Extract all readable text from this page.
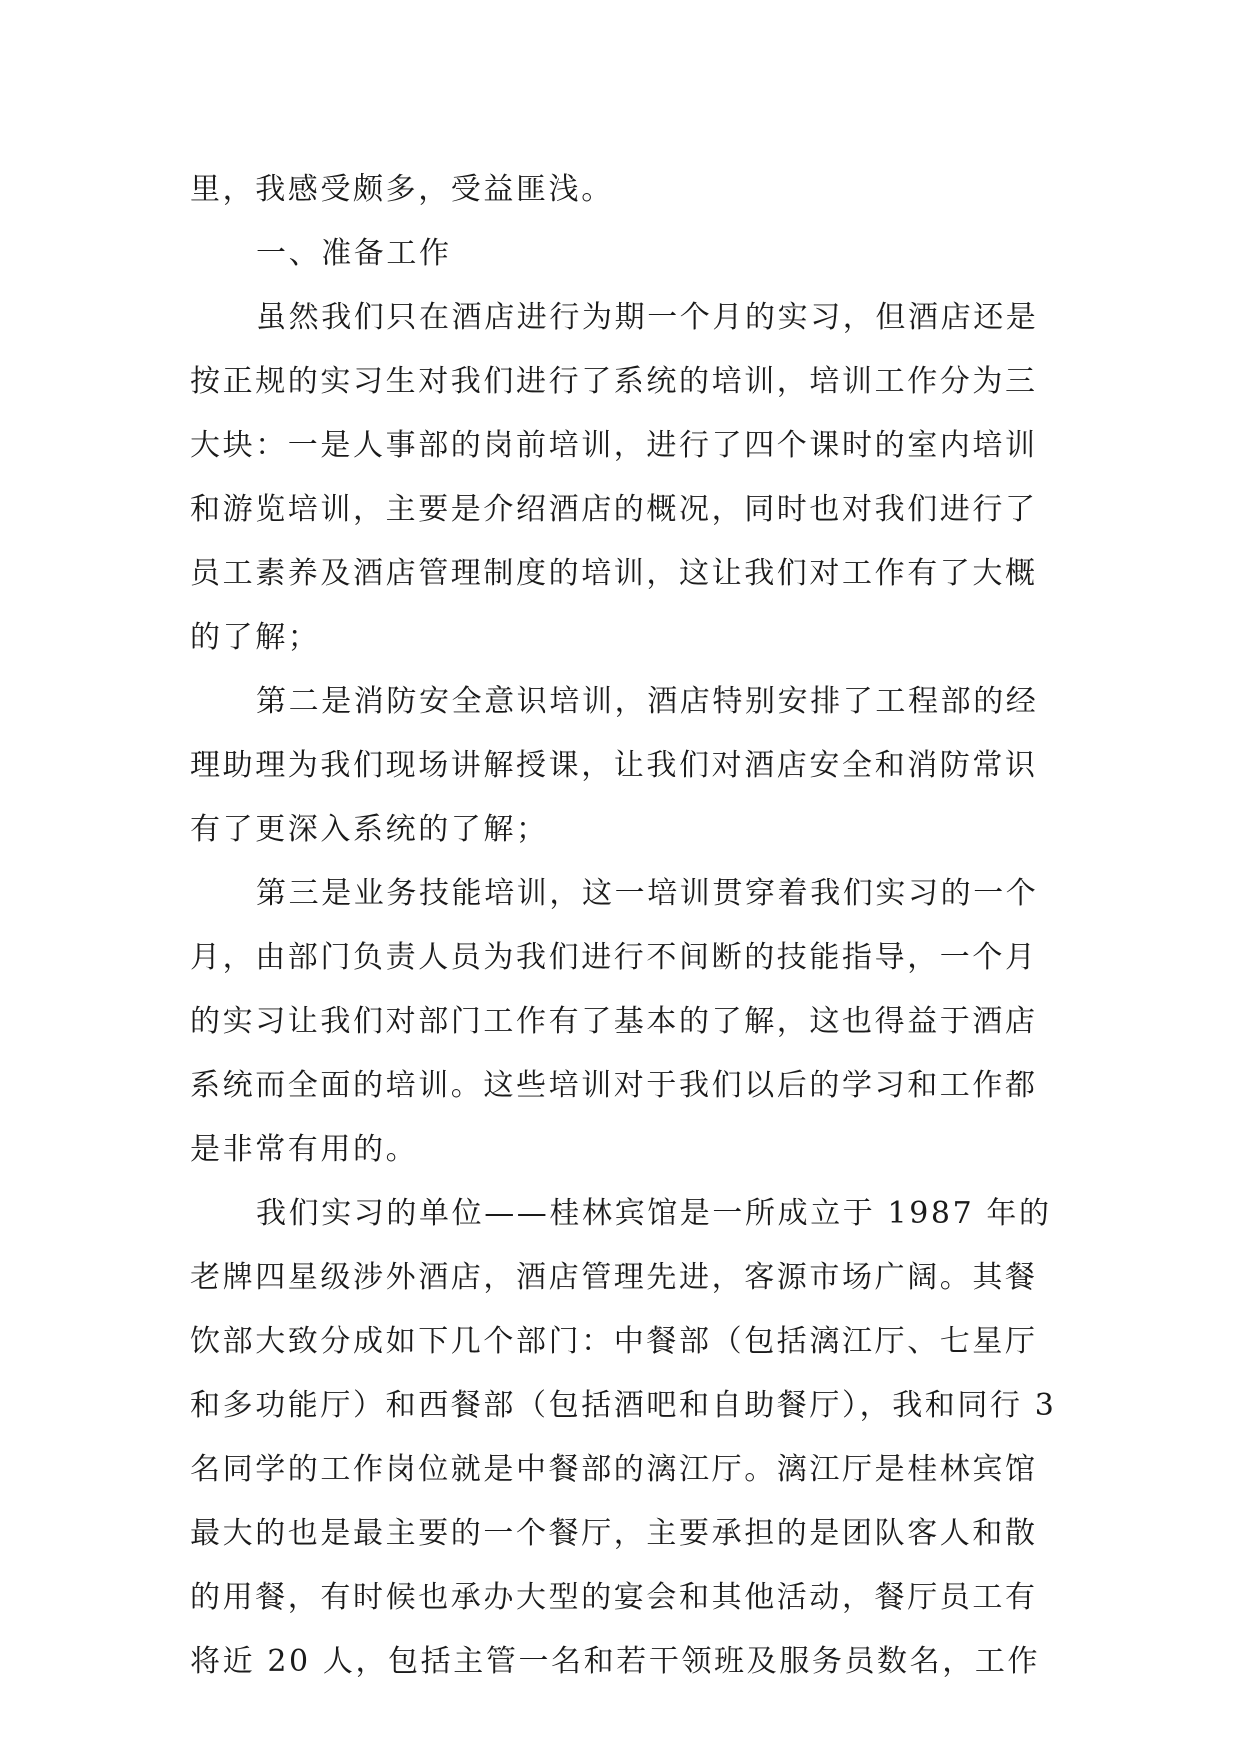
里，我感受颇多，受益匪浅。
一、准备工作
虽然我们只在酒店进行为期一个月的实习，但酒店还是
按正规的实习生对我们进行了系统的培训，培训工作分为三
大块：一是人事部的岗前培训，进行了四个课时的室内培训
和游览培训，主要是介绍酒店的概况，同时也对我们进行了
员工素养及酒店管理制度的培训，这让我们对工作有了大概
的了解；
第二是消防安全意识培训，酒店特别安排了工程部的经
理助理为我们现场讲解授课，让我们对酒店安全和消防常识
有了更深入系统的了解；
第三是业务技能培训，这一培训贯穿着我们实习的一个
月，由部门负责人员为我们进行不间断的技能指导，一个月
的实习让我们对部门工作有了基本的了解，这也得益于酒店
系统而全面的培训。这些培训对于我们以后的学习和工作都
是非常有用的。
我们实习的单位——桂林宾馆是一所成立于 1987 年的
老牌四星级涉外酒店，酒店管理先进，客源市场广阔。其餐
饮部大致分成如下几个部门：中餐部（包括漓江厅、七星厅
和多功能厅）和西餐部（包括酒吧和自助餐厅），我和同行 3
名同学的工作岗位就是中餐部的漓江厅。漓江厅是桂林宾馆
最大的也是最主要的一个餐厅，主要承担的是团队客人和散
的用餐，有时候也承办大型的宴会和其他活动，餐厅员工有
将近 20 人，包括主管一名和若干领班及服务员数名，工作
